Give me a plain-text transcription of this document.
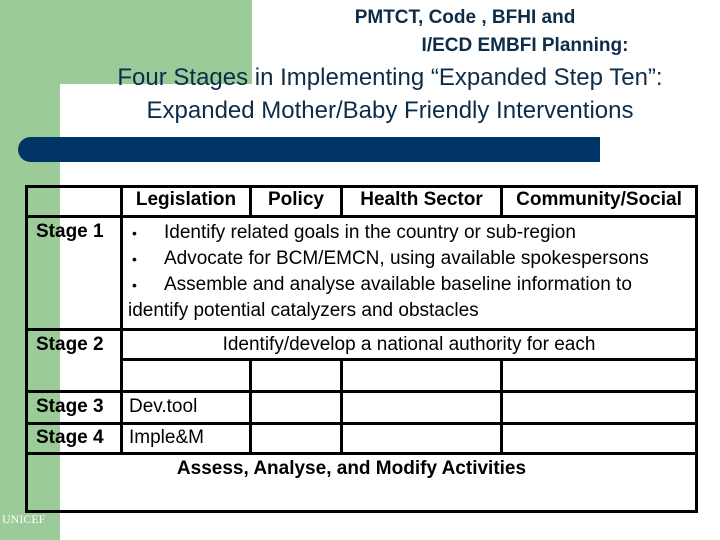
PMTCT, Code , BFHI and
I/ECD EMBFI Planning:
Four Stages in Implementing “Expanded Step Ten”:
Expanded Mother/Baby Friendly Interventions
Legislation	Policy	Health Sector	Community/Social
Stage 1	• Identify related goals in the country or sub-region
• Advocate for BCM/EMCN, using available spokespersons
• Assemble and analyse available baseline information to
identify potential catalyzers and obstacles
Stage 2	Identify/develop a national authority for each
Stage 3	Dev.tool
Stage 4	Imple&M
Assess, Analyse, and Modify Activities
UNICEF
